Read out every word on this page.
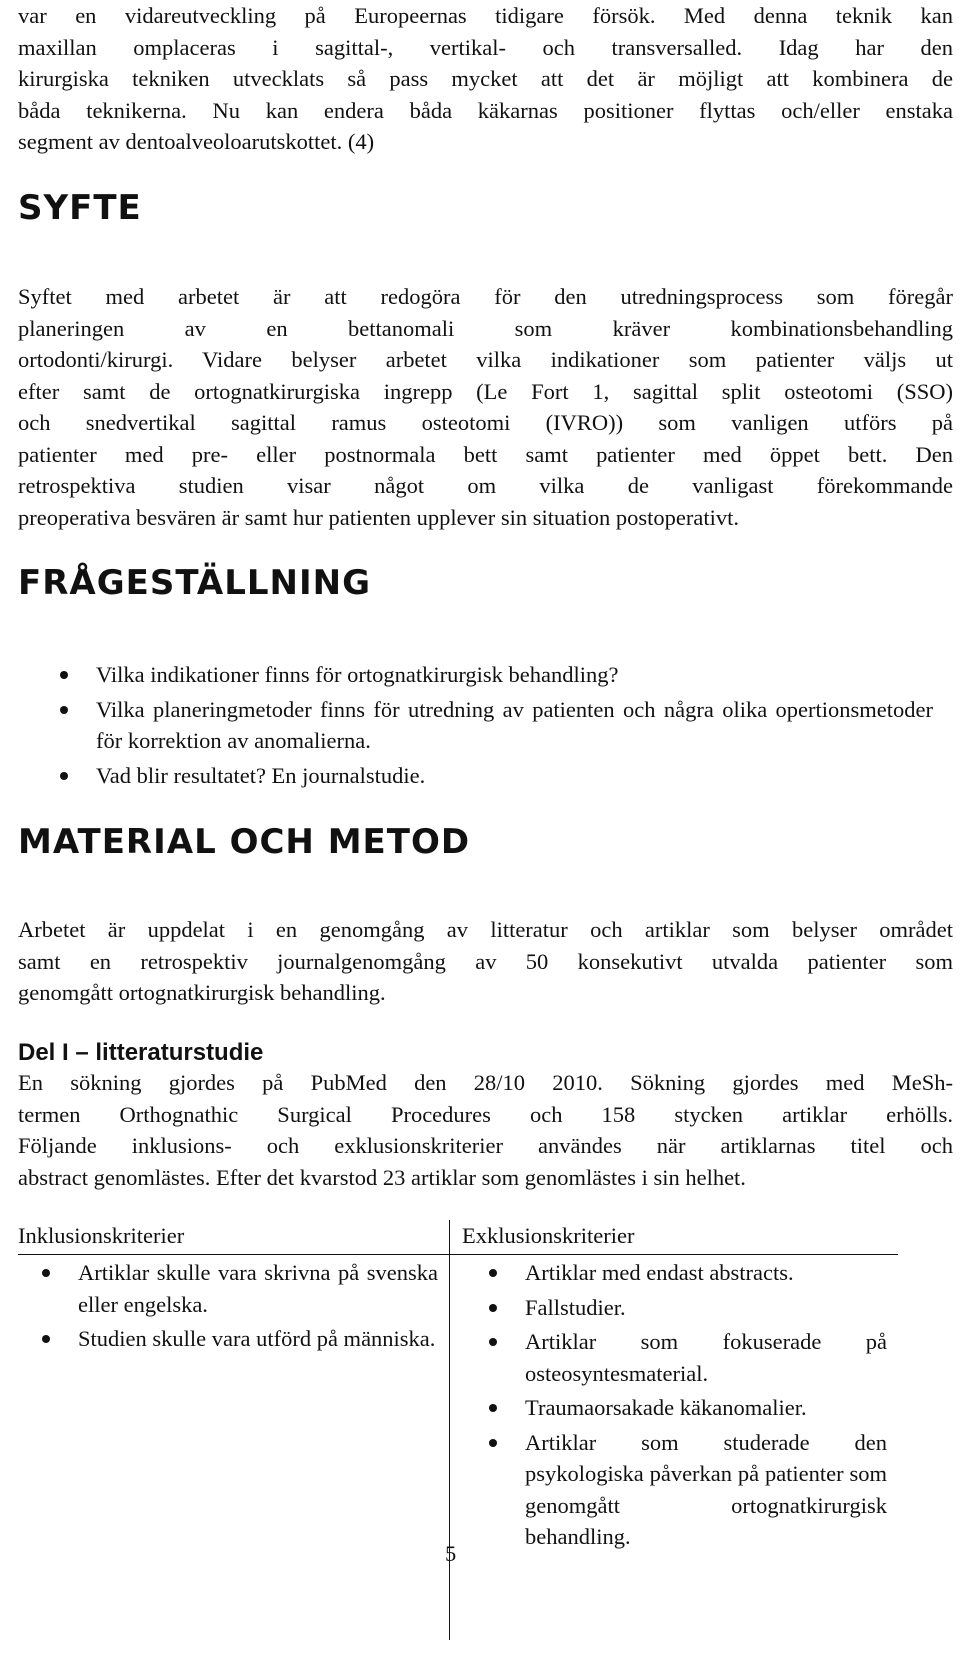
var en vidareutveckling på Europeernas tidigare försök. Med denna teknik kan
maxillan omplaceras i sagittal-, vertikal- och transversalled. Idag har den
kirurgiska tekniken utvecklats så pass mycket att det är möjligt att kombinera de
båda teknikerna. Nu kan endera båda käkarnas positioner flyttas och/eller enstaka
segment av dentoalveoloarutskottet. (4)
SYFTE
Syftet med arbetet är att redogöra för den utredningsprocess som föregår
planeringen av en bettanomali som kräver kombinationsbehandling
ortodonti/kirurgi. Vidare belyser arbetet vilka indikationer som patienter väljs ut
efter samt de ortognatkirurgiska ingrepp (Le Fort 1, sagittal split osteotomi (SSO)
och snedvertikal sagittal ramus osteotomi (IVRO)) som vanligen utförs på
patienter med pre- eller postnormala bett samt patienter med öppet bett. Den
retrospektiva studien visar något om vilka de vanligast förekommande
preoperativa besvären är samt hur patienten upplever sin situation postoperativt.
FRÅGESTÄLLNING
Vilka indikationer finns för ortognatkirurgisk behandling?
Vilka planeringmetoder finns för utredning av patienten och några olika opertionsmetoder för korrektion av anomalierna.
Vad blir resultatet? En journalstudie.
MATERIAL OCH METOD
Arbetet är uppdelat i en genomgång av litteratur och artiklar som belyser området
samt en retrospektiv journalgenomgång av 50 konsekutivt utvalda patienter som
genomgått ortognatkirurgisk behandling.
Del I – litteraturstudie
En sökning gjordes på PubMed den 28/10 2010. Sökning gjordes med MeSh-
termen Orthognathic Surgical Procedures och 158 stycken artiklar erhölls.
Följande inklusions- och exklusionskriterier användes när artiklarnas titel och
abstract genomlästes. Efter det kvarstod 23 artiklar som genomlästes i sin helhet.
Inklusionskriterier	Exklusionskriterier
Artiklar skulle vara skrivna på svenska eller engelska.
Studien skulle vara utförd på människa.
Artiklar med endast abstracts.
Fallstudier.
Artiklar som fokuserade på osteosyntesmaterial.
Traumaorsakade käkanomalier.
Artiklar som studerade den psykologiska påverkan på patienter som genomgått ortognatkirurgisk behandling.
5
